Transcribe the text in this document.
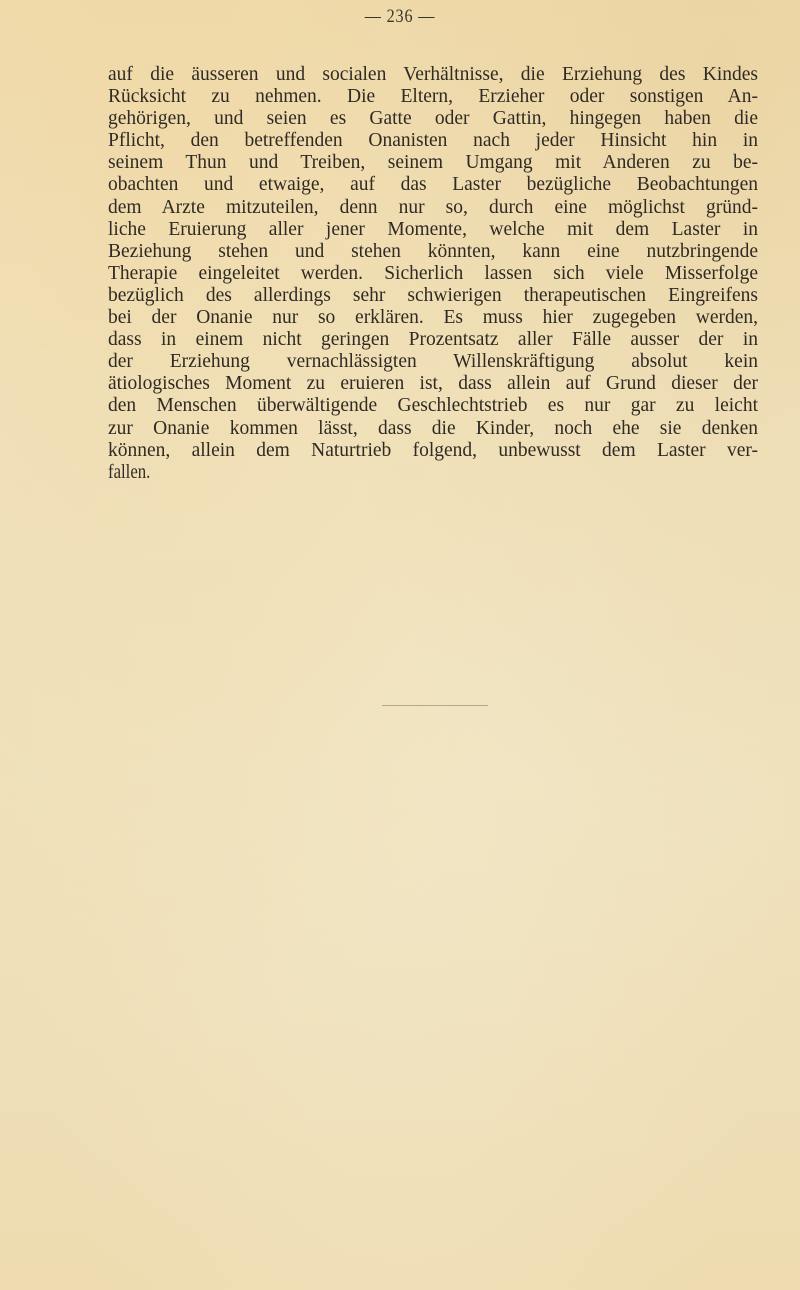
— 236 —
auf die äusseren und socialen Verhältnisse, die Erziehung des Kindes
Rücksicht zu nehmen. Die Eltern, Erzieher oder sonstigen An-
gehörigen, und seien es Gatte oder Gattin, hingegen haben die
Pflicht, den betreffenden Onanisten nach jeder Hinsicht hin in
seinem Thun und Treiben, seinem Umgang mit Anderen zu be-
obachten und etwaige, auf das Laster bezügliche Beobachtungen
dem Arzte mitzuteilen, denn nur so, durch eine möglichst gründ-
liche Eruierung aller jener Momente, welche mit dem Laster in
Beziehung stehen und stehen könnten, kann eine nutzbringende
Therapie eingeleitet werden. Sicherlich lassen sich viele Misserfolge
bezüglich des allerdings sehr schwierigen therapeutischen Eingreifens
bei der Onanie nur so erklären. Es muss hier zugegeben werden,
dass in einem nicht geringen Prozentsatz aller Fälle ausser der in
der Erziehung vernachlässigten Willenskräftigung absolut kein
ätiologisches Moment zu eruieren ist, dass allein auf Grund dieser der
den Menschen überwältigende Geschlechtstrieb es nur gar zu leicht
zur Onanie kommen lässt, dass die Kinder, noch ehe sie denken
können, allein dem Naturtrieb folgend, unbewusst dem Laster ver-
fallen.
